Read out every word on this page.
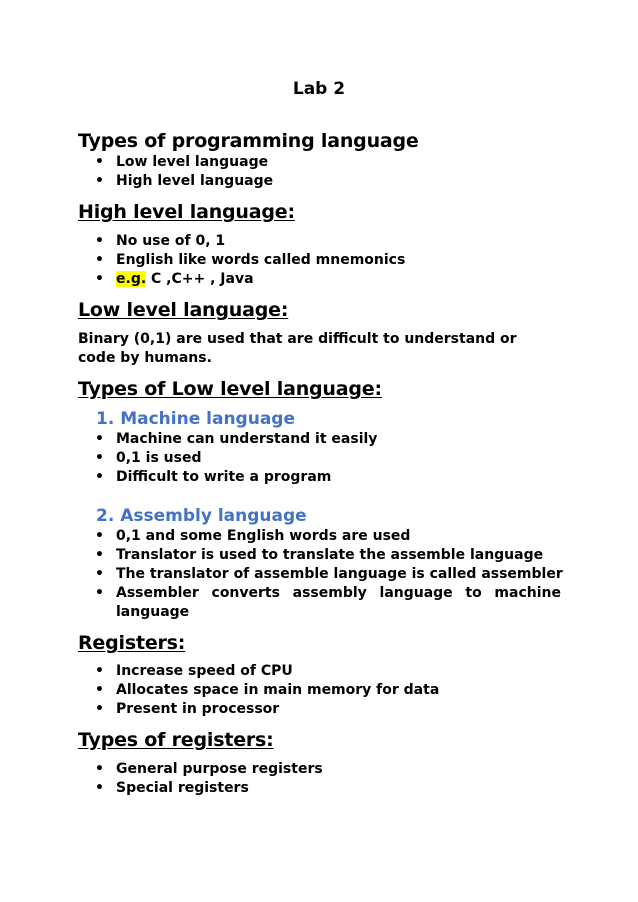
Lab 2
Types of programming language
• Low level language
• High level language
High level language:
• No use of 0, 1
• English like words called mnemonics
• e.g. C ,C++ , Java
Low level language:
Binary (0,1) are used that are difficult to understand or code by humans.
Types of Low level language:
1. Machine language
• Machine can understand it easily
• 0,1 is used
• Difficult to write a program
2. Assembly language
• 0,1 and some English words are used
• Translator is used to translate the assemble language
• The translator of assemble language is called assembler
• Assembler converts assembly language to machine
language
Registers:
• Increase speed of CPU
• Allocates space in main memory for data
• Present in processor
Types of registers:
• General purpose registers
• Special registers
